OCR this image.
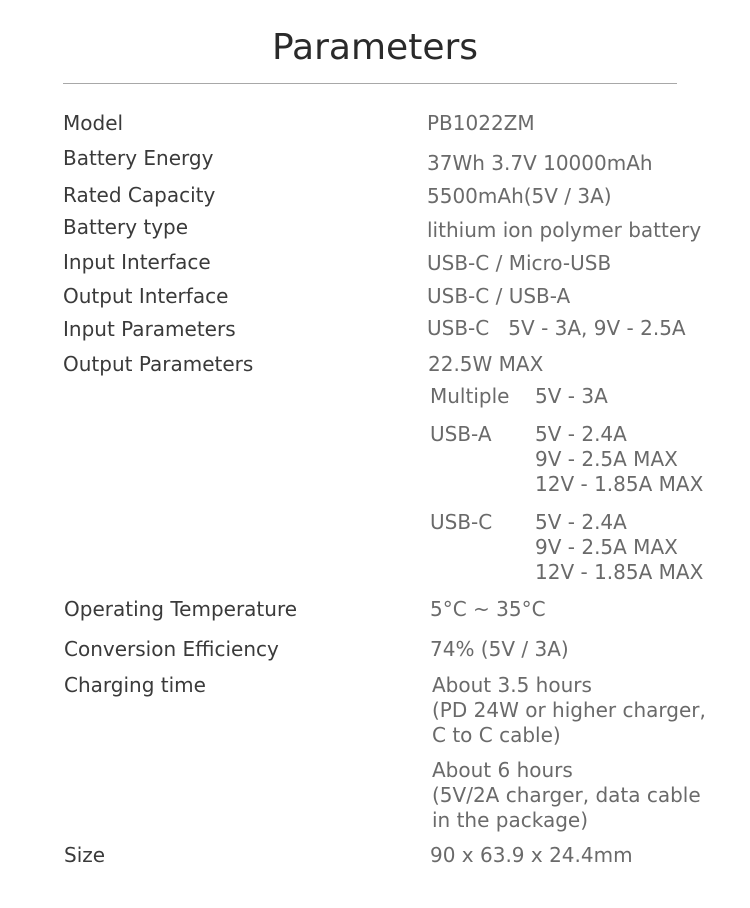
Parameters
Model
Battery Energy
Rated Capacity
Battery type
Input Interface
Output Interface
Input Parameters
Output Parameters
Operating Temperature
Conversion Efficiency
Charging time
Size
PB1022ZM
37Wh 3.7V 10000mAh
5500mAh(5V / 3A)
lithium ion polymer battery
USB-C / Micro-USB
USB-C / USB-A
USB-C   5V - 3A, 9V - 2.5A
22.5W MAX
Multiple 5V - 3A
USB-A 5V - 2.4A
9V - 2.5A MAX
12V - 1.85A MAX
USB-C 5V - 2.4A
9V - 2.5A MAX
12V - 1.85A MAX
5°C ~ 35°C
74% (5V / 3A)
About 3.5 hours
(PD 24W or higher charger,
C to C cable)
About 6 hours
(5V/2A charger, data cable
in the package)
90 x 63.9 x 24.4mm
